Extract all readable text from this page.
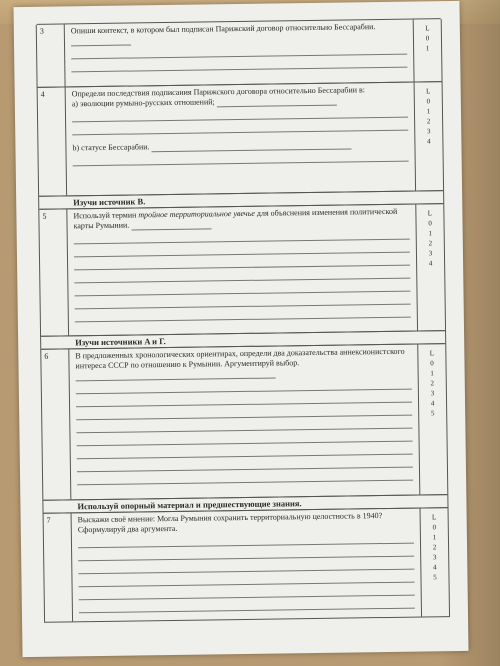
3	Опиши контекст, в котором был подписан Парижский договор относительно Бессарабии.	L
0
1
4	Определи последствия подписания Парижского договора относительно Бессарабии в:
а) эволюции румыно-русских отношений;
b) статусе Бессарабии.
L
0
1
2
3
4
Изучи источник B.
5	Используй термин тройное территориальное увечье для объяснения изменения политической карты Румынии.
L
0
1
2
3
4
Изучи источники A и Г.
6	В предложенных хронологических ориентирах, определи два доказательства аннексионистского интереса СССР по отношению к Румынии. Аргументируй выбор.
L
0
1
2
3
4
5
Используй опорный материал и предшествующие знания.
7	Выскажи своё мнение: Могла Румыния сохранить территориальную целостность в 1940? Сформулируй два аргумента.
L
0
1
2
3
4
5
